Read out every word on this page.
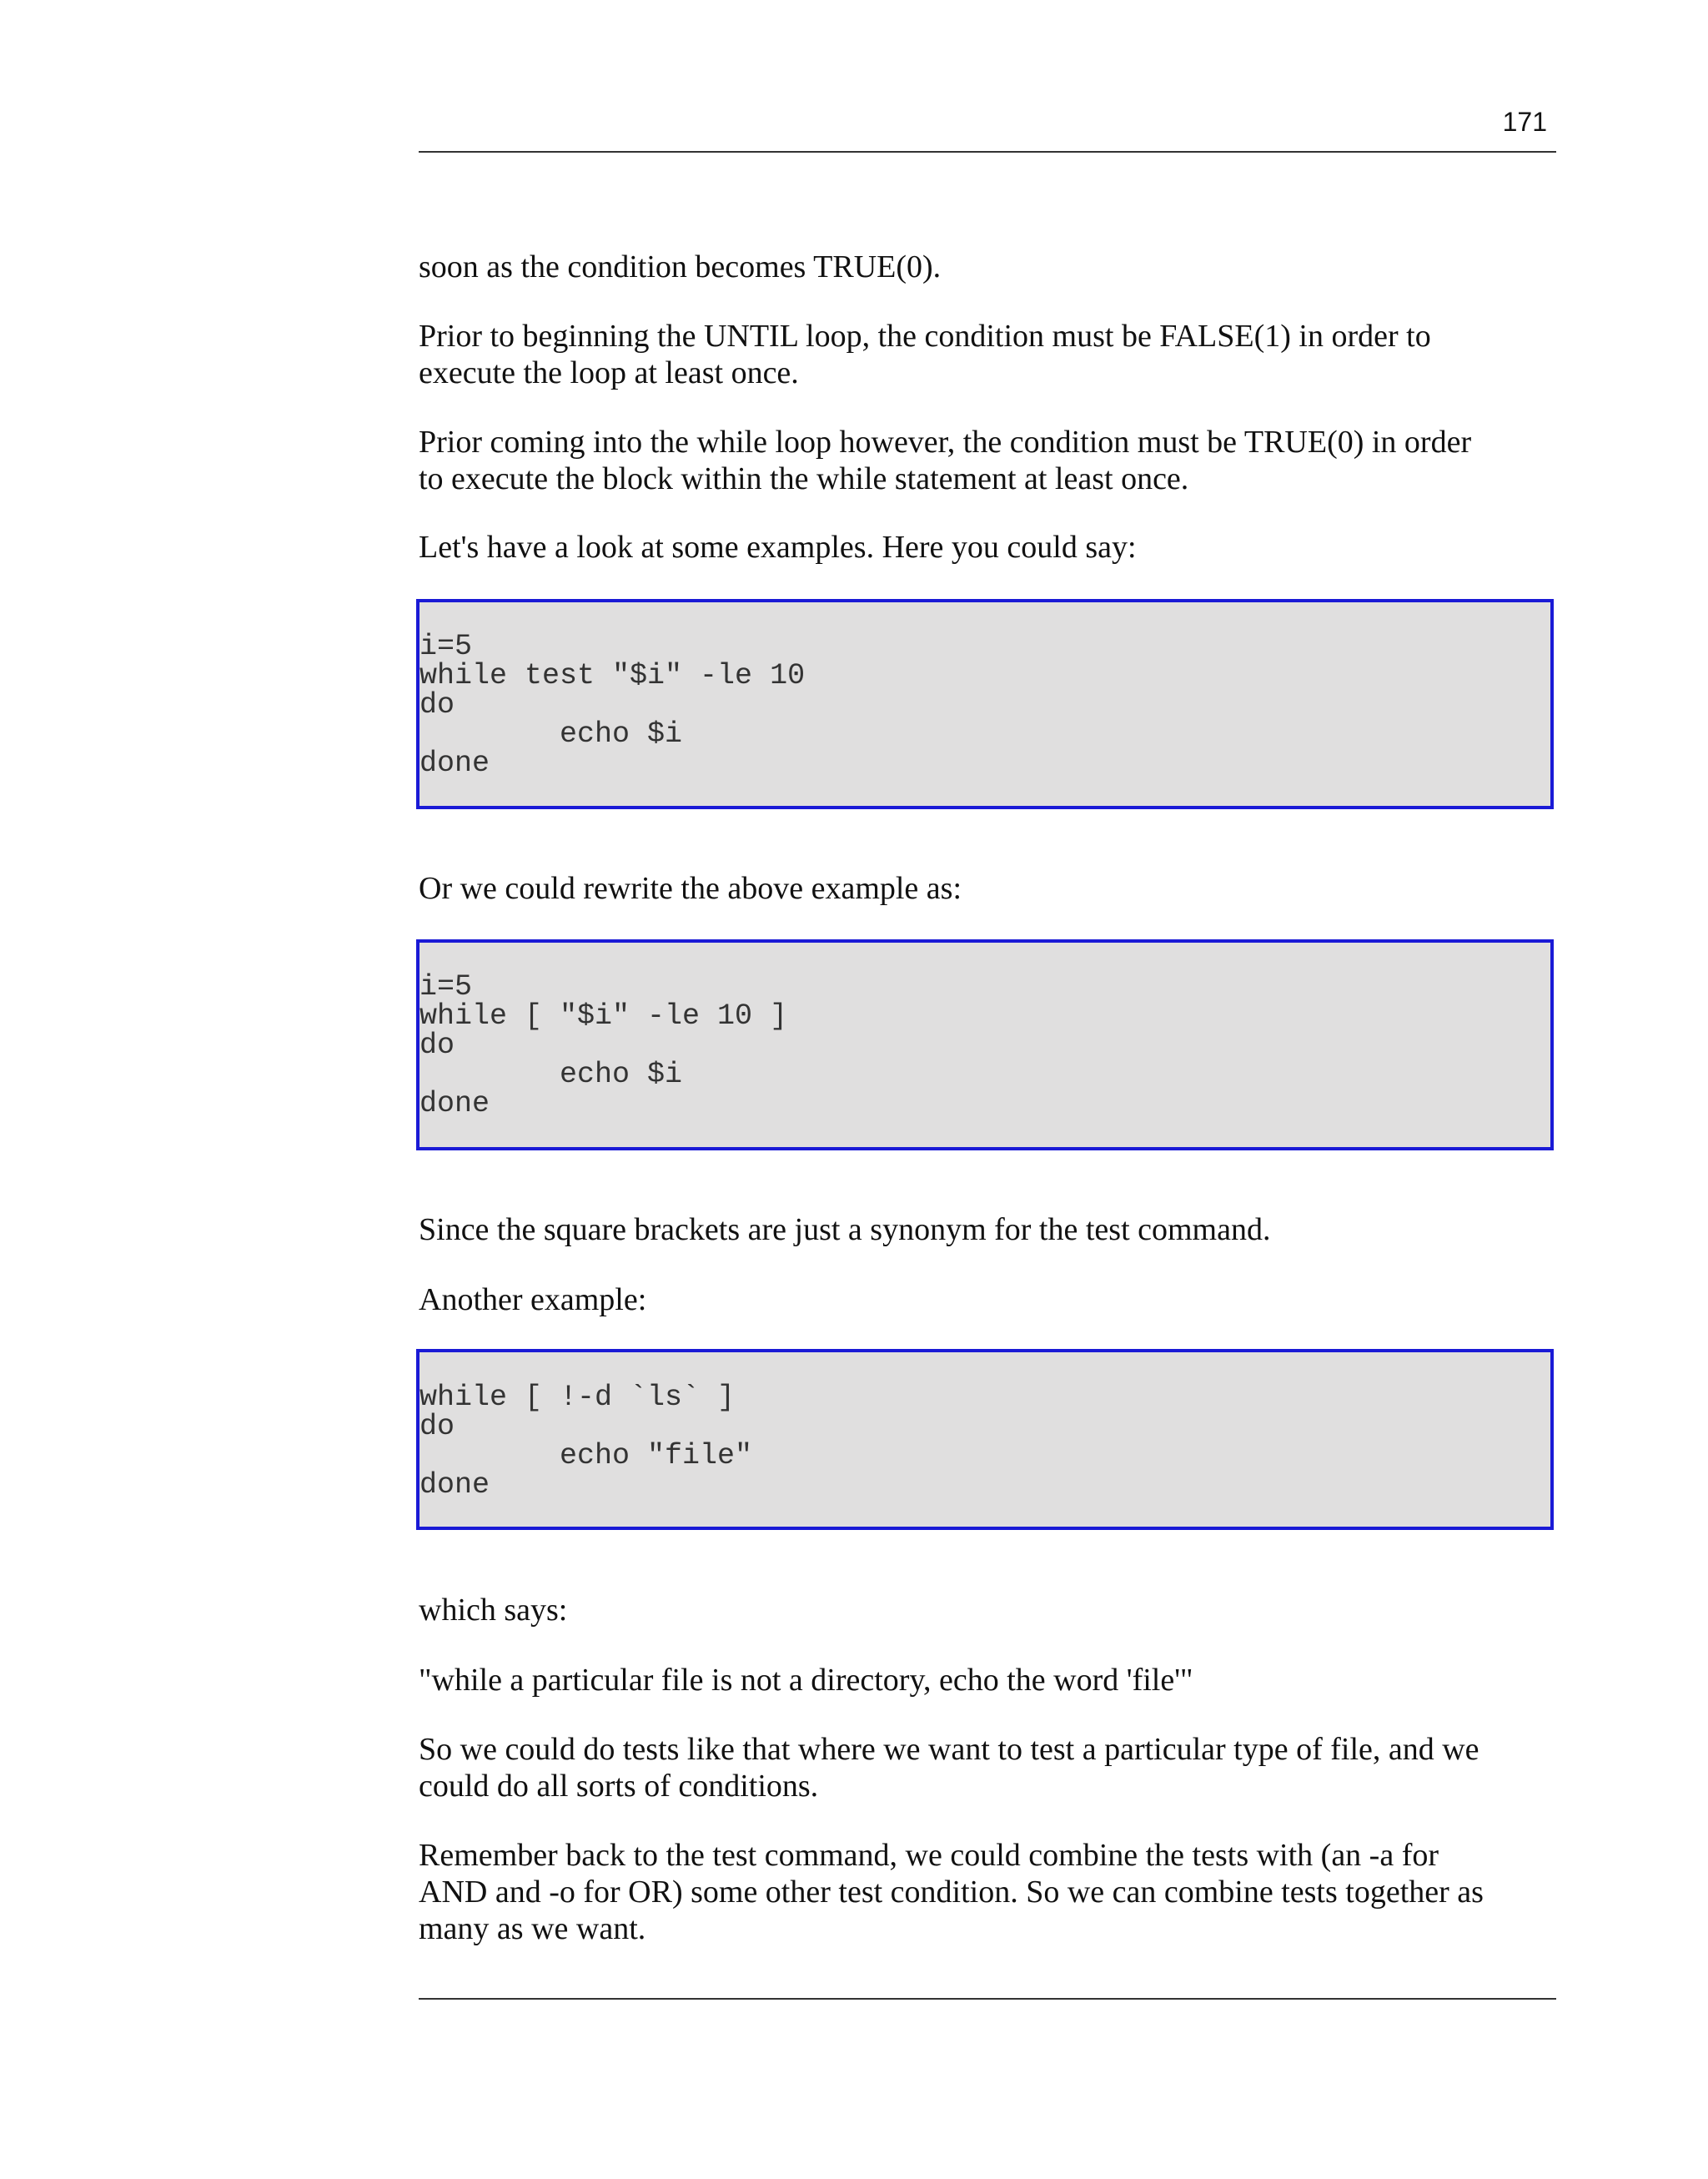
171

soon as the condition becomes TRUE(0).

Prior to beginning the UNTIL loop, the condition must be FALSE(1) in order to
execute the loop at least once.

Prior coming into the while loop however, the condition must be TRUE(0) in order
to execute the block within the while statement at least once.

Let's have a look at some examples. Here you could say:

i=5
while test "$i" -le 10
do
echo $i
done

Or we could rewrite the above example as:

i=5
while [ "$i" -le 10 ]
do
echo $i
done

Since the square brackets are just a synonym for the test command.

Another example:

while [ !-d `ls` ]
do
echo "file"
done

which says:

"while a particular file is not a directory, echo the word 'file'"

So we could do tests like that where we want to test a particular type of file, and we
could do all sorts of conditions.

Remember back to the test command, we could combine the tests with (an -a for
AND and -o for OR) some other test condition. So we can combine tests together as
many as we want.
